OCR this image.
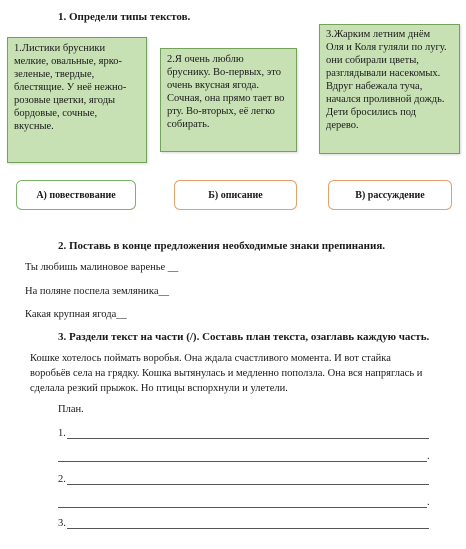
1. Определи типы текстов.
1.Листики брусники
мелкие, овальные, ярко-
зеленые, твердые,
блестящие. У неё нежно-
розовые цветки, ягоды
бордовые, сочные,
вкусные.
2.Я очень люблю
бруснику. Во-первых, это
очень вкусная ягода.
Сочная, она прямо тает во
рту. Во-вторых, её легко
собирать.
3.Жарким летним днём
Оля и Коля гуляли по лугу.
они собирали цветы,
разглядывали насекомых.
Вдруг набежала туча,
начался проливной дождь.
Дети бросились под
дерево.
А) повествование	Б) описание	В) рассуждение
2. Поставь в конце предложения необходимые знаки препинания.
Ты любишь малиновое варенье __
На поляне поспела земляника__
Какая крупная ягода__
3. Раздели текст на части (/). Составь план текста, озаглавь каждую часть.
Кошке хотелось поймать воробья. Она ждала счастливого момента. И вот стайка
воробьёв села на грядку. Кошка вытянулась и медленно поползла. Она вся напряглась и
сделала резкий прыжок. Но птицы вспорхнули и улетели.
План.
1.
.
2.
.
3.
